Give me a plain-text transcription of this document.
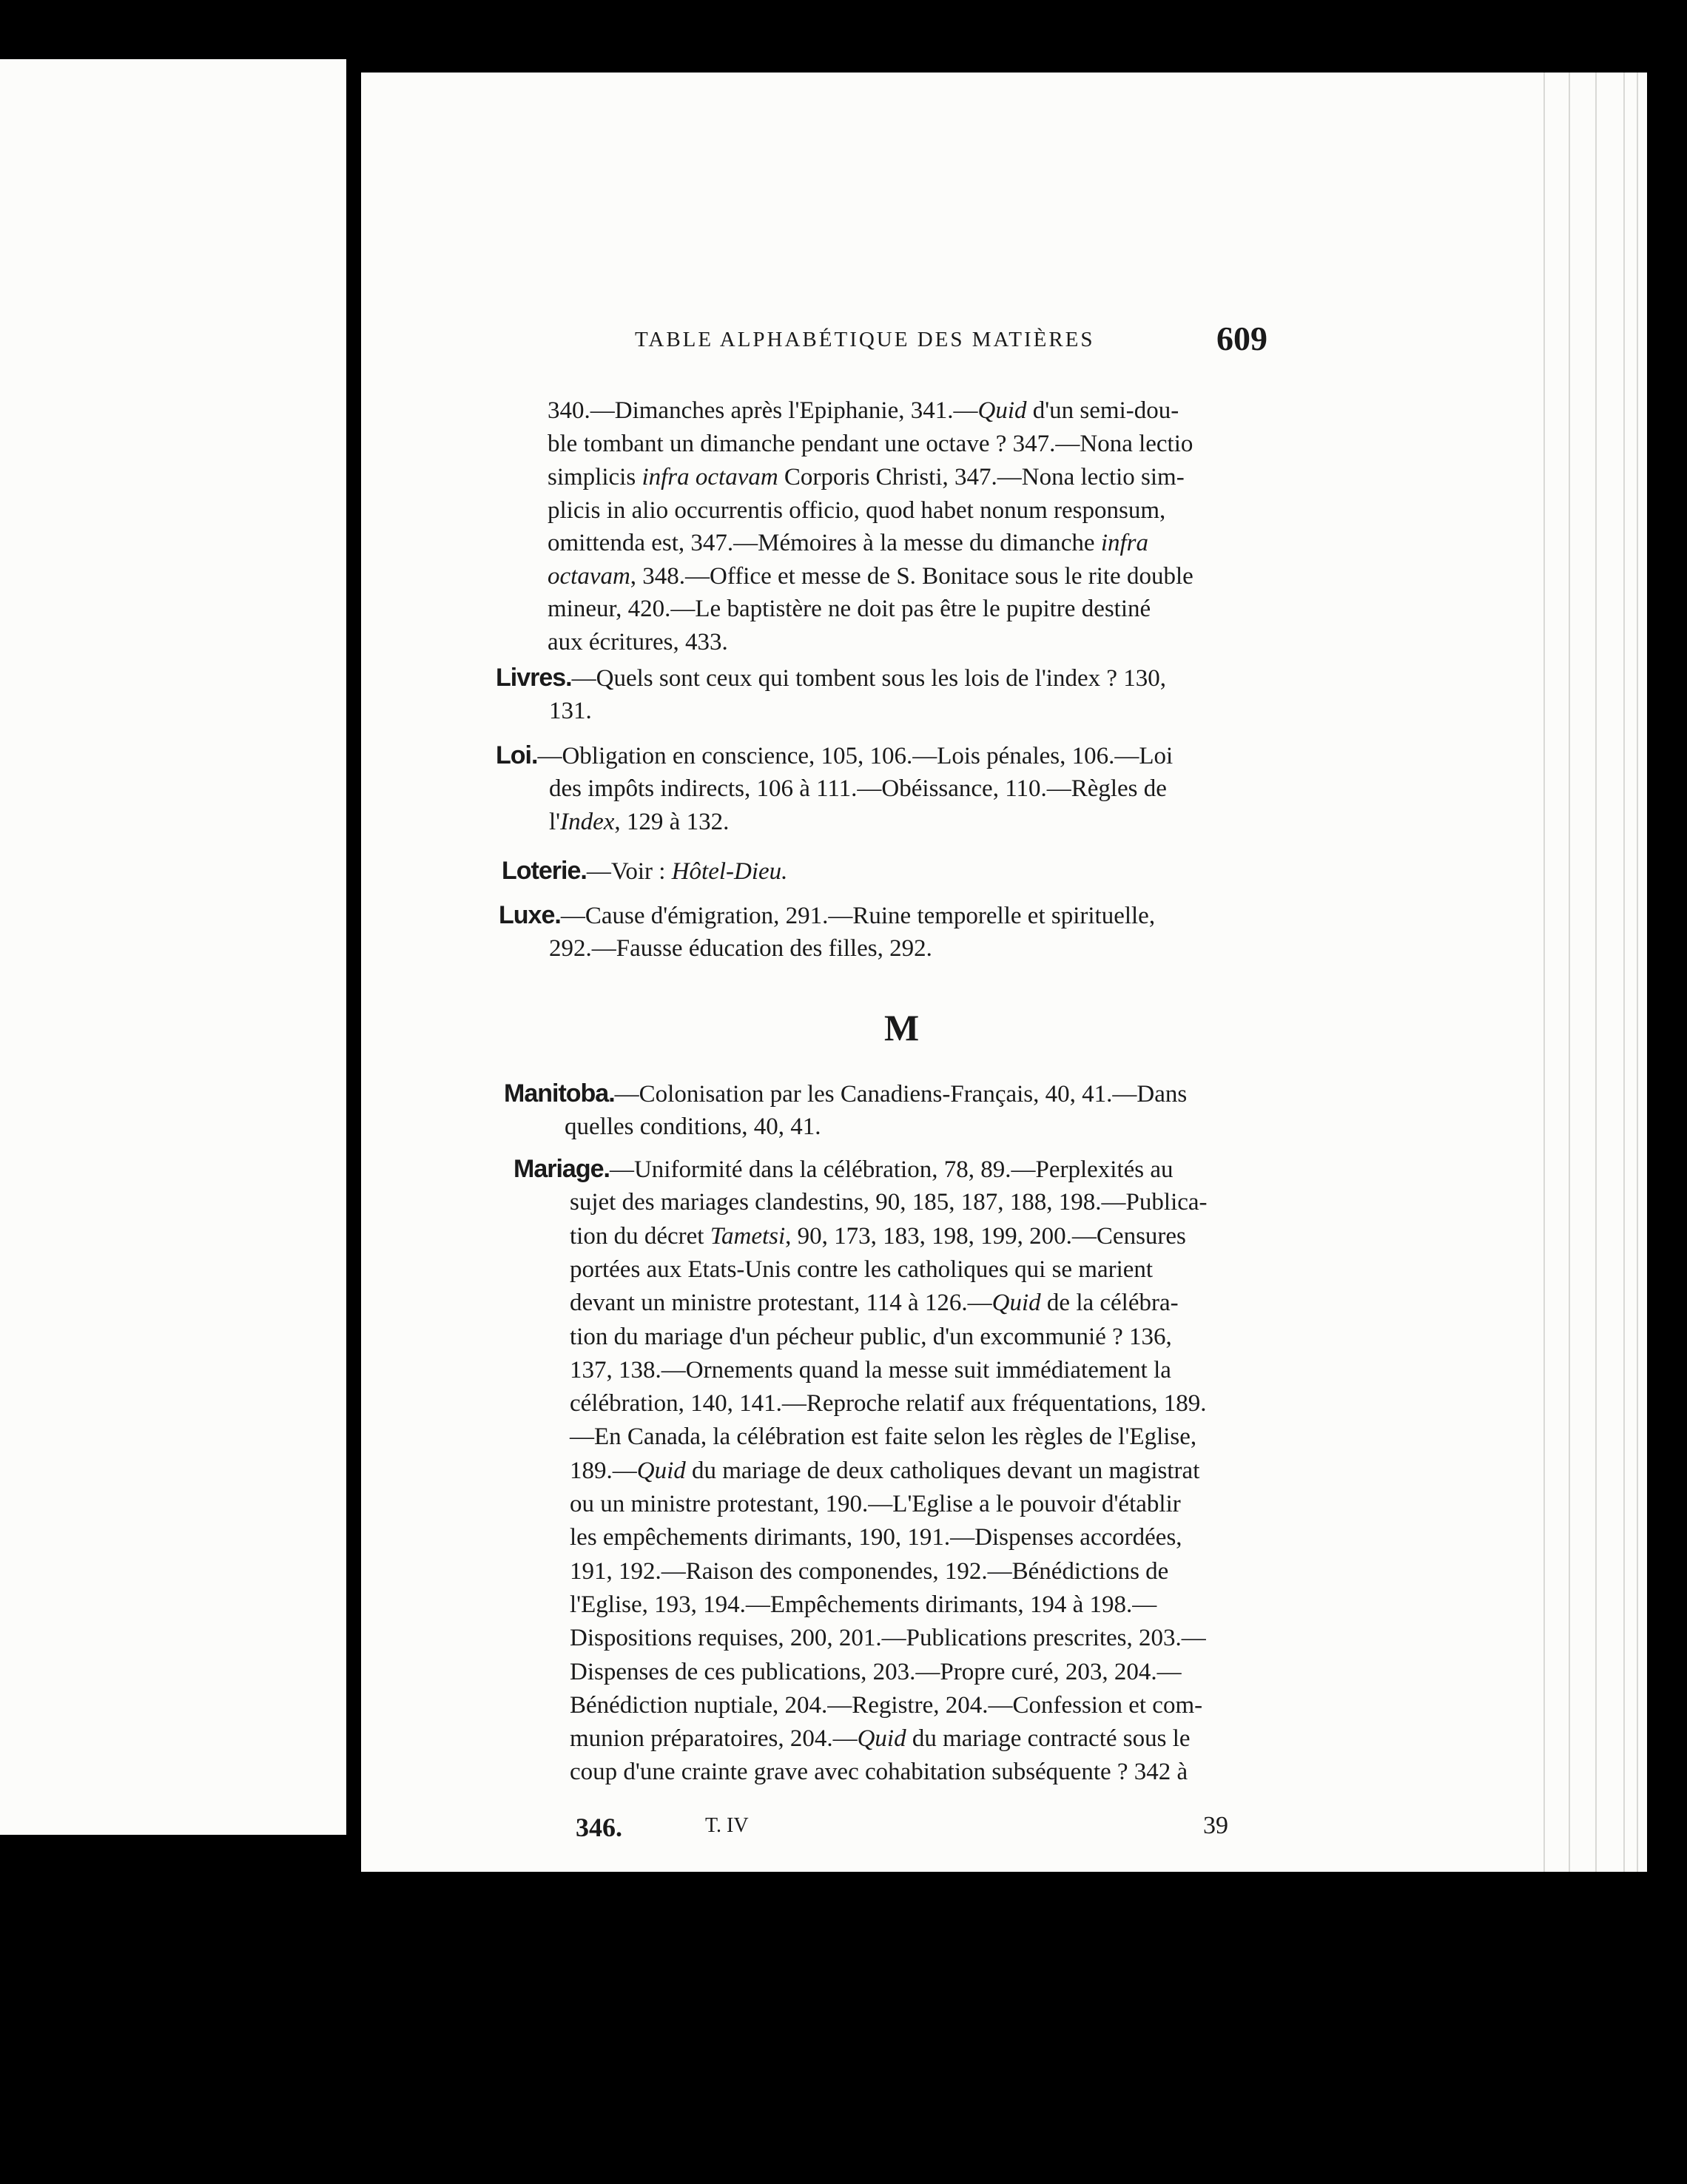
TABLE ALPHABÉTIQUE DES MATIÈRES	609
340.—Dimanches après l'Epiphanie, 341.—Quid d'un semi-dou-
ble tombant un dimanche pendant une octave ? 347.—Nona lectio
simplicis infra octavam Corporis Christi, 347.—Nona lectio sim-
plicis in alio occurrentis officio, quod habet nonum responsum,
omittenda est, 347.—Mémoires à la messe du dimanche infra
octavam, 348.—Office et messe de S. Bonitace sous le rite double
mineur, 420.—Le baptistère ne doit pas être le pupitre destiné
aux écritures, 433.
Livres.—Quels sont ceux qui tombent sous les lois de l'index ? 130,
131.
Loi.—Obligation en conscience, 105, 106.—Lois pénales, 106.—Loi
des impôts indirects, 106 à 111.—Obéissance, 110.—Règles de
l'Index, 129 à 132.
Loterie.—Voir : Hôtel-Dieu.
Luxe.—Cause d'émigration, 291.—Ruine temporelle et spirituelle,
292.—Fausse éducation des filles, 292.
Manitoba.—Colonisation par les Canadiens-Français, 40, 41.—Dans
quelles conditions, 40, 41.
Mariage.—Uniformité dans la célébration, 78, 89.—Perplexités au
sujet des mariages clandestins, 90, 185, 187, 188, 198.—Publica-
tion du décret Tametsi, 90, 173, 183, 198, 199, 200.—Censures
portées aux Etats-Unis contre les catholiques qui se marient
devant un ministre protestant, 114 à 126.—Quid de la célébra-
tion du mariage d'un pécheur public, d'un excommunié ? 136,
137, 138.—Ornements quand la messe suit immédiatement la
célébration, 140, 141.—Reproche relatif aux fréquentations, 189.
—En Canada, la célébration est faite selon les règles de l'Eglise,
189.—Quid du mariage de deux catholiques devant un magistrat
ou un ministre protestant, 190.—L'Eglise a le pouvoir d'établir
les empêchements dirimants, 190, 191.—Dispenses accordées,
191, 192.—Raison des componendes, 192.—Bénédictions de
l'Eglise, 193, 194.—Empêchements dirimants, 194 à 198.—
Dispositions requises, 200, 201.—Publications prescrites, 203.—
Dispenses de ces publications, 203.—Propre curé, 203, 204.—
Bénédiction nuptiale, 204.—Registre, 204.—Confession et com-
munion préparatoires, 204.—Quid du mariage contracté sous le
coup d'une crainte grave avec cohabitation subséquente ? 342 à
M
346.	T. IV	39
